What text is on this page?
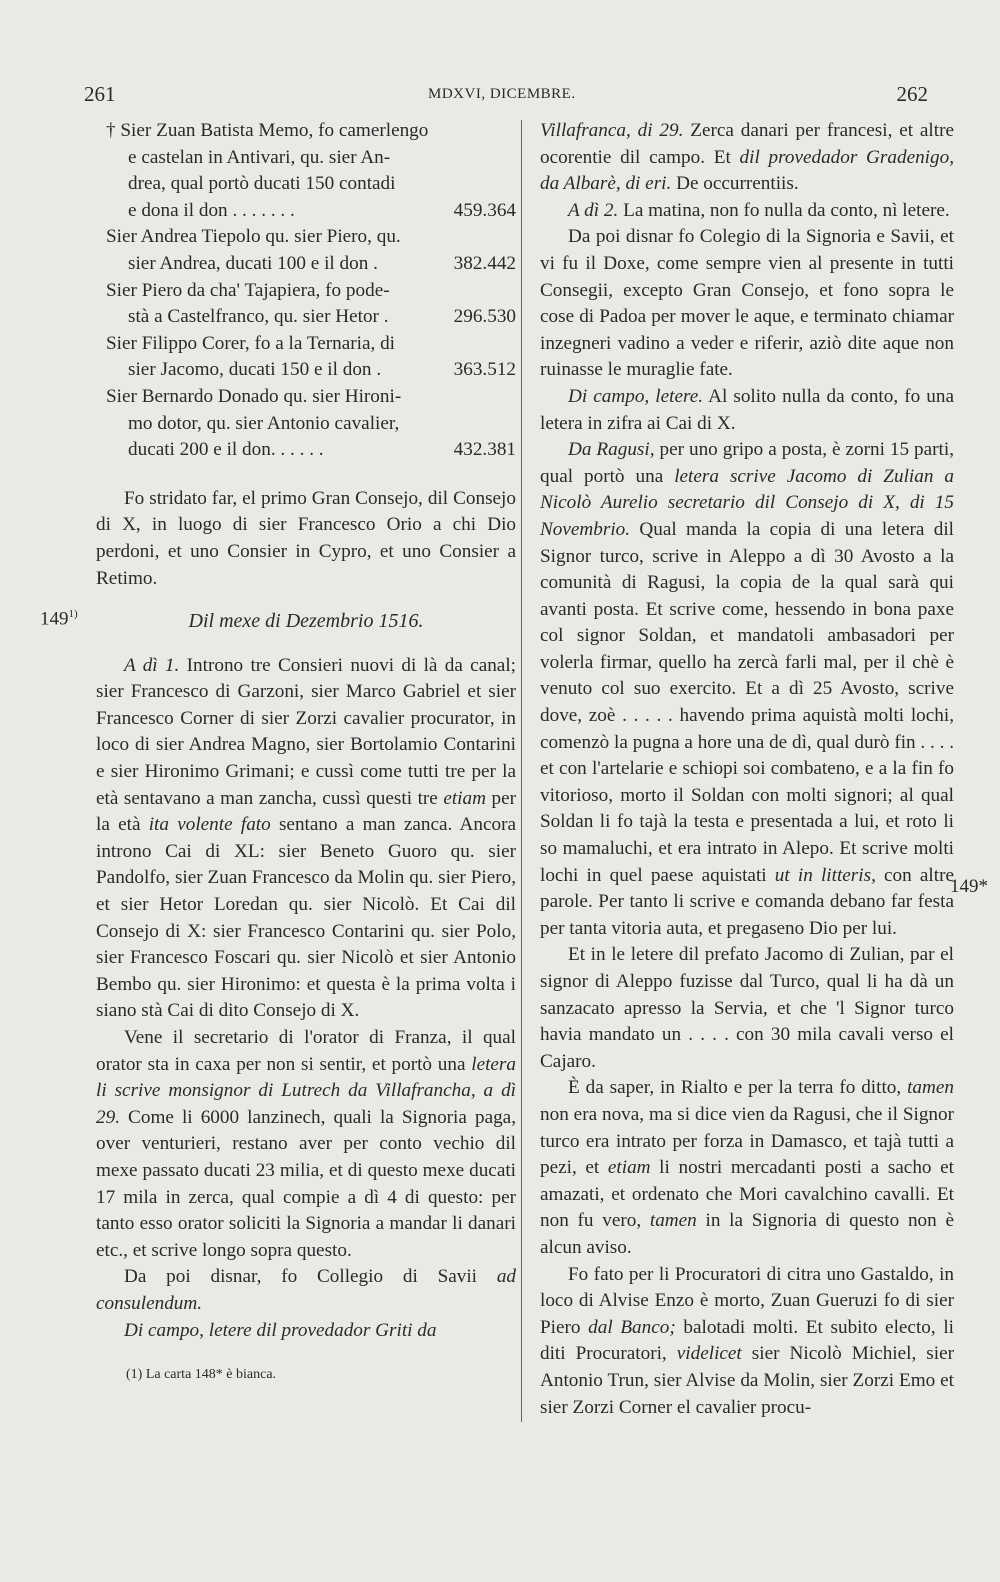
261	MDXVI, DICEMBRE.	262
149$^{1)}$
149*
† Sier Zuan Batista Memo, fo camerlengo
e castelan in Antivari, qu. sier An-
drea, qual portò ducati 150 contadi
e dona il don . . . . . . .	459.364
Sier Andrea Tiepolo qu. sier Piero, qu.
sier Andrea, ducati 100 e il don .	382.442
Sier Piero da cha' Tajapiera, fo pode-
stà a Castelfranco, qu. sier Hetor .	296.530
Sier Filippo Corer, fo a la Ternaria, di
sier Jacomo, ducati 150 e il don .	363.512
Sier Bernardo Donado qu. sier Hironi-
mo dotor, qu. sier Antonio cavalier,
ducati 200 e il don. . . . . .	432.381

Fo stridato far, el primo Gran Consejo, dil Consejo di X, in luogo di sier Francesco Orio a chi Dio perdoni, et uno Consier in Cypro, et uno Consier a Retimo.

Dil mexe di Dezembrio 1516.

A dì 1. Introno tre Consieri nuovi di là da canal; sier Francesco di Garzoni, sier Marco Gabriel et sier Francesco Corner di sier Zorzi cavalier procurator, in loco di sier Andrea Magno, sier Bortolamio Contarini e sier Hironimo Grimani; e cussì come tutti tre per la età sentavano a man zancha, cussì questi tre etiam per la età ita volente fato sentano a man zanca. Ancora introno Cai di XL: sier Beneto Guoro qu. sier Pandolfo, sier Zuan Francesco da Molin qu. sier Piero, et sier Hetor Loredan qu. sier Nicolò. Et Cai dil Consejo di X: sier Francesco Contarini qu. sier Polo, sier Francesco Foscari qu. sier Nicolò et sier Antonio Bembo qu. sier Hironimo: et questa è la prima volta i siano stà Cai di dito Consejo di X.

Vene il secretario di l'orator di Franza, il qual orator sta in caxa per non si sentir, et portò una letera li scrive monsignor di Lutrech da Villafrancha, a dì 29. Come li 6000 lanzinech, quali la Signoria paga, over venturieri, restano aver per conto vechio dil mexe passato ducati 23 milia, et di questo mexe ducati 17 mila in zerca, qual compie a dì 4 di questo: per tanto esso orator soliciti la Signoria a mandar li danari etc., et scrive longo sopra questo.

Da poi disnar, fo Collegio di Savii ad consulendum.

Di campo, letere dil provedador Griti da

(1) La carta 148* è bianca.

Villafranca, di 29. Zerca danari per francesi, et altre ocorentie dil campo. Et dil provedador Gradenigo, da Albarè, di eri. De occurrentiis.

A dì 2. La matina, non fo nulla da conto, nì letere.

Da poi disnar fo Colegio di la Signoria e Savii, et vi fu il Doxe, come sempre vien al presente in tutti Consegii, excepto Gran Consejo, et fono sopra le cose di Padoa per mover le aque, e terminato chiamar inzegneri vadino a veder e riferir, aziò dite aque non ruinasse le muraglie fate.

Di campo, letere. Al solito nulla da conto, fo una letera in zifra ai Cai di X.

Da Ragusi, per uno gripo a posta, è zorni 15 parti, qual portò una letera scrive Jacomo di Zulian a Nicolò Aurelio secretario dil Consejo di X, di 15 Novembrio. Qual manda la copia di una letera dil Signor turco, scrive in Aleppo a dì 30 Avosto a la comunità di Ragusi, la copia de la qual sarà qui avanti posta. Et scrive come, hessendo in bona paxe col signor Soldan, et mandatoli ambasadori per volerla firmar, quello ha zercà farli mal, per il chè è venuto col suo exercito. Et a dì 25 Avosto, scrive dove, zoè . . . . . havendo prima aquistà molti lochi, comenzò la pugna a hore una de dì, qual durò fin . . . . et con l'artelarie e schiopi soi combateno, e a la fin fo vitorioso, morto il Soldan con molti signori; al qual Soldan li fo tajà la testa e presentada a lui, et roto li so mamaluchi, et era intrato in Alepo. Et scrive molti lochi in quel paese aquistati ut in litteris, con altre parole. Per tanto li scrive e comanda debano far festa per tanta vitoria auta, et pregaseno Dio per lui.

Et in le letere dil prefato Jacomo di Zulian, par el signor di Aleppo fuzisse dal Turco, qual li ha dà un sanzacato apresso la Servia, et che 'l Signor turco havia mandato un . . . . con 30 mila cavali verso el Cajaro.

È da saper, in Rialto e per la terra fo ditto, tamen non era nova, ma si dice vien da Ragusi, che il Signor turco era intrato per forza in Damasco, et tajà tutti a pezi, et etiam li nostri mercadanti posti a sacho et amazati, et ordenato che Mori cavalchino cavalli. Et non fu vero, tamen in la Signoria di questo non è alcun aviso.

Fo fato per li Procuratori di citra uno Gastaldo, in loco di Alvise Enzo è morto, Zuan Gueruzi fo di sier Piero dal Banco; balotadi molti. Et subito electo, li diti Procuratori, videlicet sier Nicolò Michiel, sier Antonio Trun, sier Alvise da Molin, sier Zorzi Emo et sier Zorzi Corner el cavalier procu-
